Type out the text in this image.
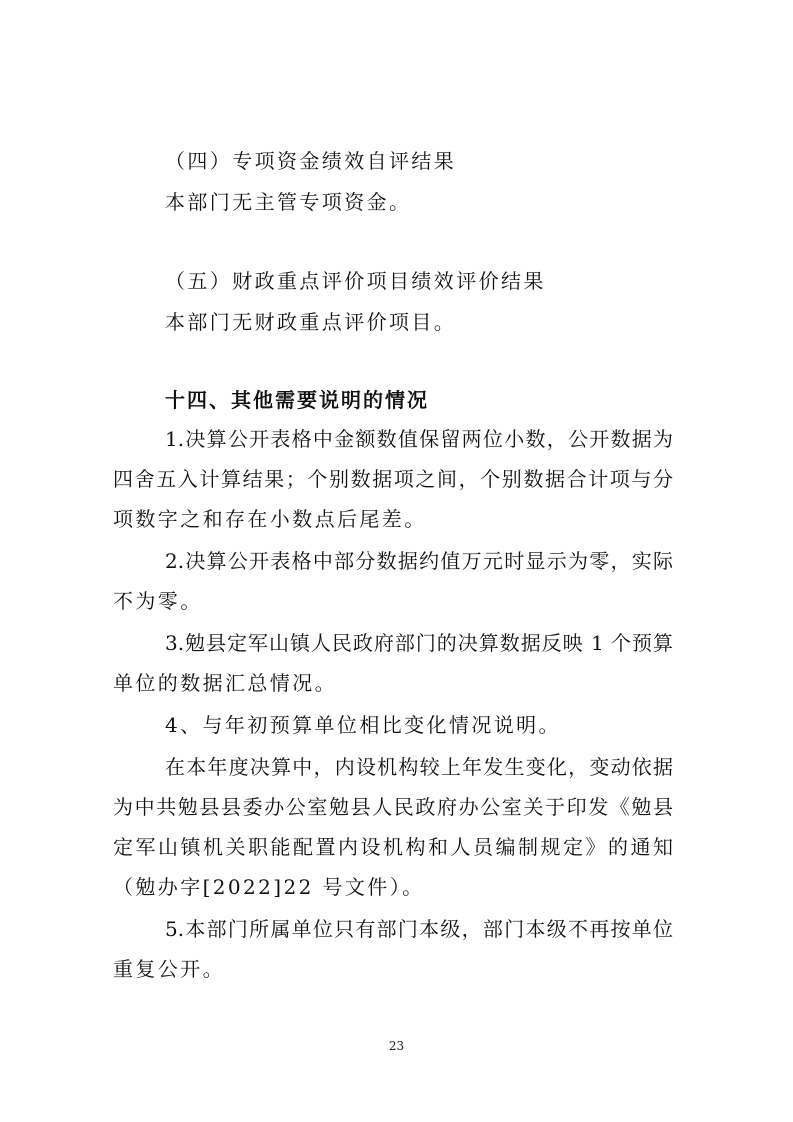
（四）专项资金绩效自评结果
本部门无主管专项资金。
（五）财政重点评价项目绩效评价结果
本部门无财政重点评价项目。
十四、其他需要说明的情况
1.决算公开表格中金额数值保留两位小数，公开数据为
四舍五入计算结果；个别数据项之间，个别数据合计项与分
项数字之和存在小数点后尾差。
2.决算公开表格中部分数据约值万元时显示为零，实际
不为零。
3.勉县定军山镇人民政府部门的决算数据反映 1 个预算
单位的数据汇总情况。
4、与年初预算单位相比变化情况说明。
在本年度决算中，内设机构较上年发生变化，变动依据
为中共勉县县委办公室勉县人民政府办公室关于印发《勉县
定军山镇机关职能配置内设机构和人员编制规定》的通知
（勉办字[2022]22 号文件）。
5.本部门所属单位只有部门本级，部门本级不再按单位
重复公开。
23
